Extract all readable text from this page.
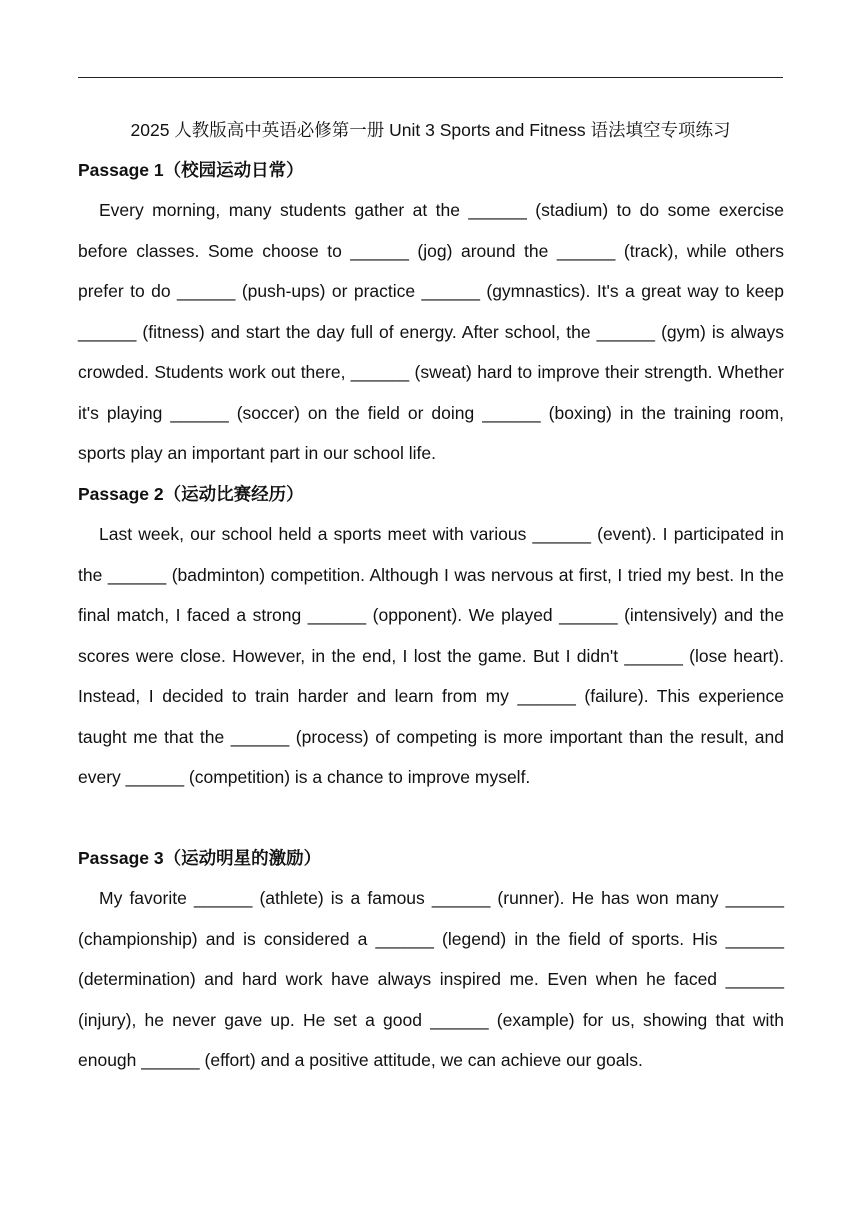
2025 人教版高中英语必修第一册 Unit 3 Sports and Fitness 语法填空专项练习
Passage 1（校园运动日常）

Every morning, many students gather at the ______ (stadium) to do some exercise before classes. Some choose to ______ (jog) around the ______ (track), while others prefer to do ______ (push-ups) or practice ______ (gymnastics). It's a great way to keep ______ (fitness) and start the day full of energy. After school, the ______ (gym) is always crowded. Students work out there, ______ (sweat) hard to improve their strength. Whether it's playing ______ (soccer) on the field or doing ______ (boxing) in the training room, sports play an important part in our school life.

Passage 2（运动比赛经历）

Last week, our school held a sports meet with various ______ (event). I participated in the ______ (badminton) competition. Although I was nervous at first, I tried my best. In the final match, I faced a strong ______ (opponent). We played ______ (intensively) and the scores were close. However, in the end, I lost the game. But I didn't ______ (lose heart). Instead, I decided to train harder and learn from my ______ (failure). This experience taught me that the ______ (process) of competing is more important than the result, and every ______ (competition) is a chance to improve myself.

Passage 3（运动明星的激励）

My favorite ______ (athlete) is a famous ______ (runner). He has won many ______ (championship) and is considered a ______ (legend) in the field of sports. His ______ (determination) and hard work have always inspired me. Even when he faced ______ (injury), he never gave up. He set a good ______ (example) for us, showing that with enough ______ (effort) and a positive attitude, we can achieve our goals.
